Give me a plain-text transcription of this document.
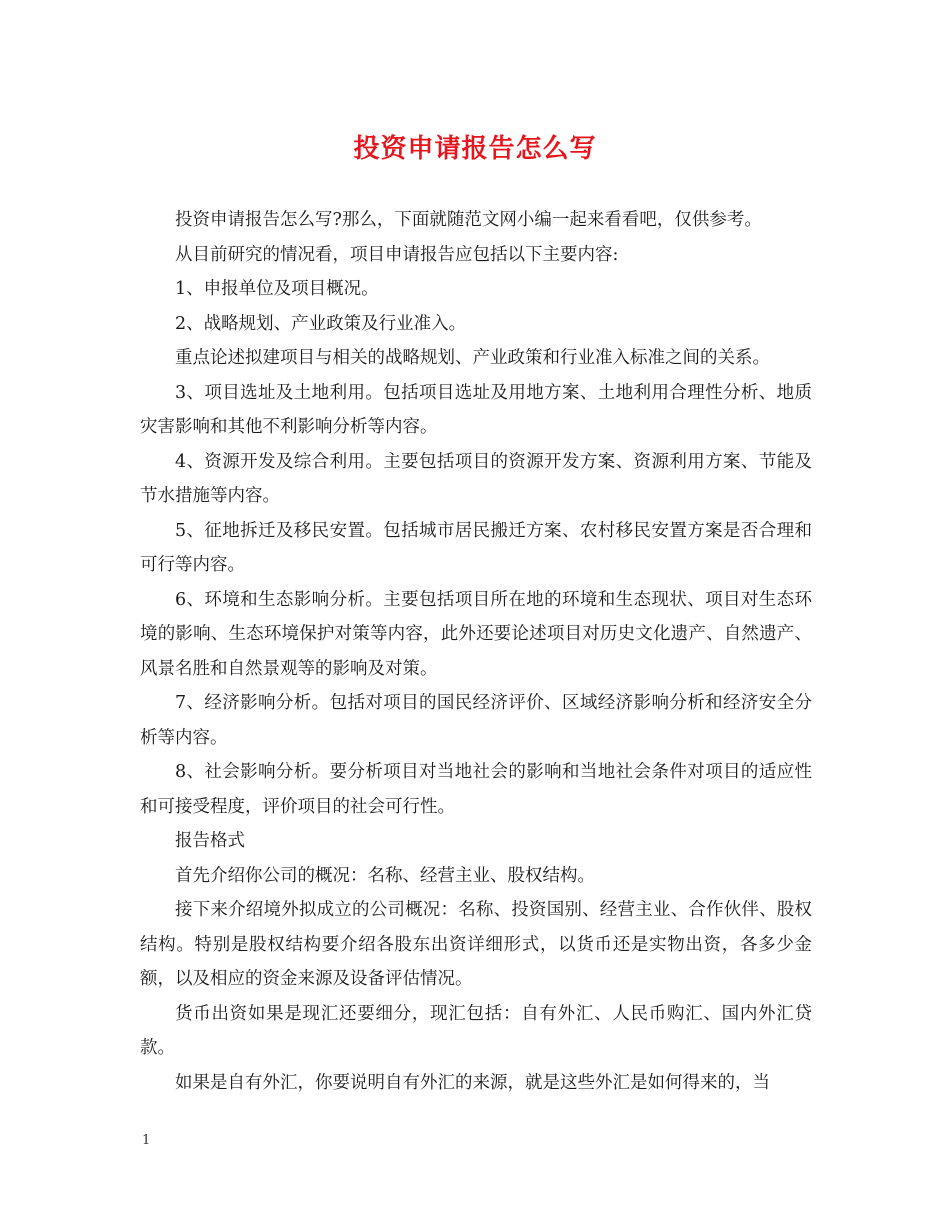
投资申请报告怎么写

投资申请报告怎么写?那么，下面就随范文网小编一起来看看吧，仅供参考。

从目前研究的情况看，项目申请报告应包括以下主要内容:

1、申报单位及项目概况。

2、战略规划、产业政策及行业准入。

重点论述拟建项目与相关的战略规划、产业政策和行业准入标准之间的关系。

3、项目选址及土地利用。包括项目选址及用地方案、土地利用合理性分析、地质灾害影响和其他不利影响分析等内容。

4、资源开发及综合利用。主要包括项目的资源开发方案、资源利用方案、节能及节水措施等内容。

5、征地拆迁及移民安置。包括城市居民搬迁方案、农村移民安置方案是否合理和可行等内容。

6、环境和生态影响分析。主要包括项目所在地的环境和生态现状、项目对生态环境的影响、生态环境保护对策等内容，此外还要论述项目对历史文化遗产、自然遗产、风景名胜和自然景观等的影响及对策。

7、经济影响分析。包括对项目的国民经济评价、区域经济影响分析和经济安全分析等内容。

8、社会影响分析。要分析项目对当地社会的影响和当地社会条件对项目的适应性和可接受程度，评价项目的社会可行性。

报告格式

首先介绍你公司的概况：名称、经营主业、股权结构。

接下来介绍境外拟成立的公司概况：名称、投资国别、经营主业、合作伙伴、股权结构。特别是股权结构要介绍各股东出资详细形式，以货币还是实物出资，各多少金额，以及相应的资金来源及设备评估情况。

货币出资如果是现汇还要细分，现汇包括：自有外汇、人民币购汇、国内外汇贷款。

如果是自有外汇，你要说明自有外汇的来源，就是这些外汇是如何得来的，当

1
